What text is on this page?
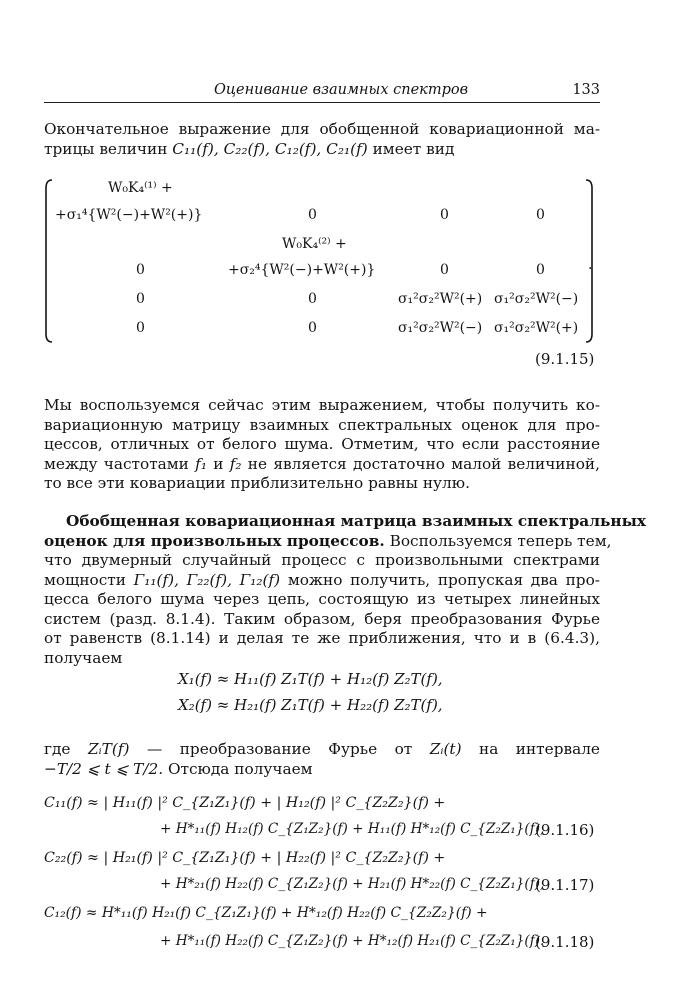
Оценивание взаимных спектров	133
Окончательное выражение для обобщенной ковариационной ма-
трицы величин C₁₁(f), C₂₂(f), C₁₂(f), C₂₁(f) имеет вид
W₀K₄⁽¹⁾ +
+σ₁⁴{W²(−)+W²(+)}	0	0	0
W₀K₄⁽²⁾ +
0	+σ₂⁴{W²(−)+W²(+)}	0	0	.
0	0	σ₁²σ₂²W²(+) σ₁²σ₂²W²(−)
0	0	σ₁²σ₂²W²(−) σ₁²σ₂²W²(+)
(9.1.15)
Мы воспользуемся сейчас этим выражением, чтобы получить ко-
вариационную матрицу взаимных спектральных оценок для про-
цессов, отличных от белого шума. Отметим, что если расстояние
между частотами f₁ и f₂ не является достаточно малой величиной,
то все эти ковариации приблизительно равны нулю.
Обобщенная ковариационная матрица взаимных спектральных
оценок для произвольных процессов. Воспользуемся теперь тем,
что двумерный случайный процесс с произвольными спектрами
мощности Γ₁₁(f), Γ₂₂(f), Γ₁₂(f) можно получить, пропуская два про-
цесса белого шума через цепь, состоящую из четырех линейных
систем (разд. 8.1.4). Таким образом, беря преобразования Фурье
от равенств (8.1.14) и делая те же приближения, что и в (6.4.3),
получаем
X₁(f) ≈ H₁₁(f) Z₁T(f) + H₁₂(f) Z₂T(f),
X₂(f) ≈ H₂₁(f) Z₁T(f) + H₂₂(f) Z₂T(f),
где ZᵢT(f) — преобразование Фурье от Zᵢ(t) на интервале
−T/2 ⩽ t ⩽ T/2. Отсюда получаем
C₁₁(f) ≈ | H₁₁(f) |² C_{Z₁Z₁}(f) + | H₁₂(f) |² C_{Z₂Z₂}(f) +
+ H*₁₁(f) H₁₂(f) C_{Z₁Z₂}(f) + H₁₁(f) H*₁₂(f) C_{Z₂Z₁}(f),
(9.1.16)
C₂₂(f) ≈ | H₂₁(f) |² C_{Z₁Z₁}(f) + | H₂₂(f) |² C_{Z₂Z₂}(f) +
+ H*₂₁(f) H₂₂(f) C_{Z₁Z₂}(f) + H₂₁(f) H*₂₂(f) C_{Z₂Z₁}(f),
(9.1.17)
C₁₂(f) ≈ H*₁₁(f) H₂₁(f) C_{Z₁Z₁}(f) + H*₁₂(f) H₂₂(f) C_{Z₂Z₂}(f) +
+ H*₁₁(f) H₂₂(f) C_{Z₁Z₂}(f) + H*₁₂(f) H₂₁(f) C_{Z₂Z₁}(f).
(9.1.18)
